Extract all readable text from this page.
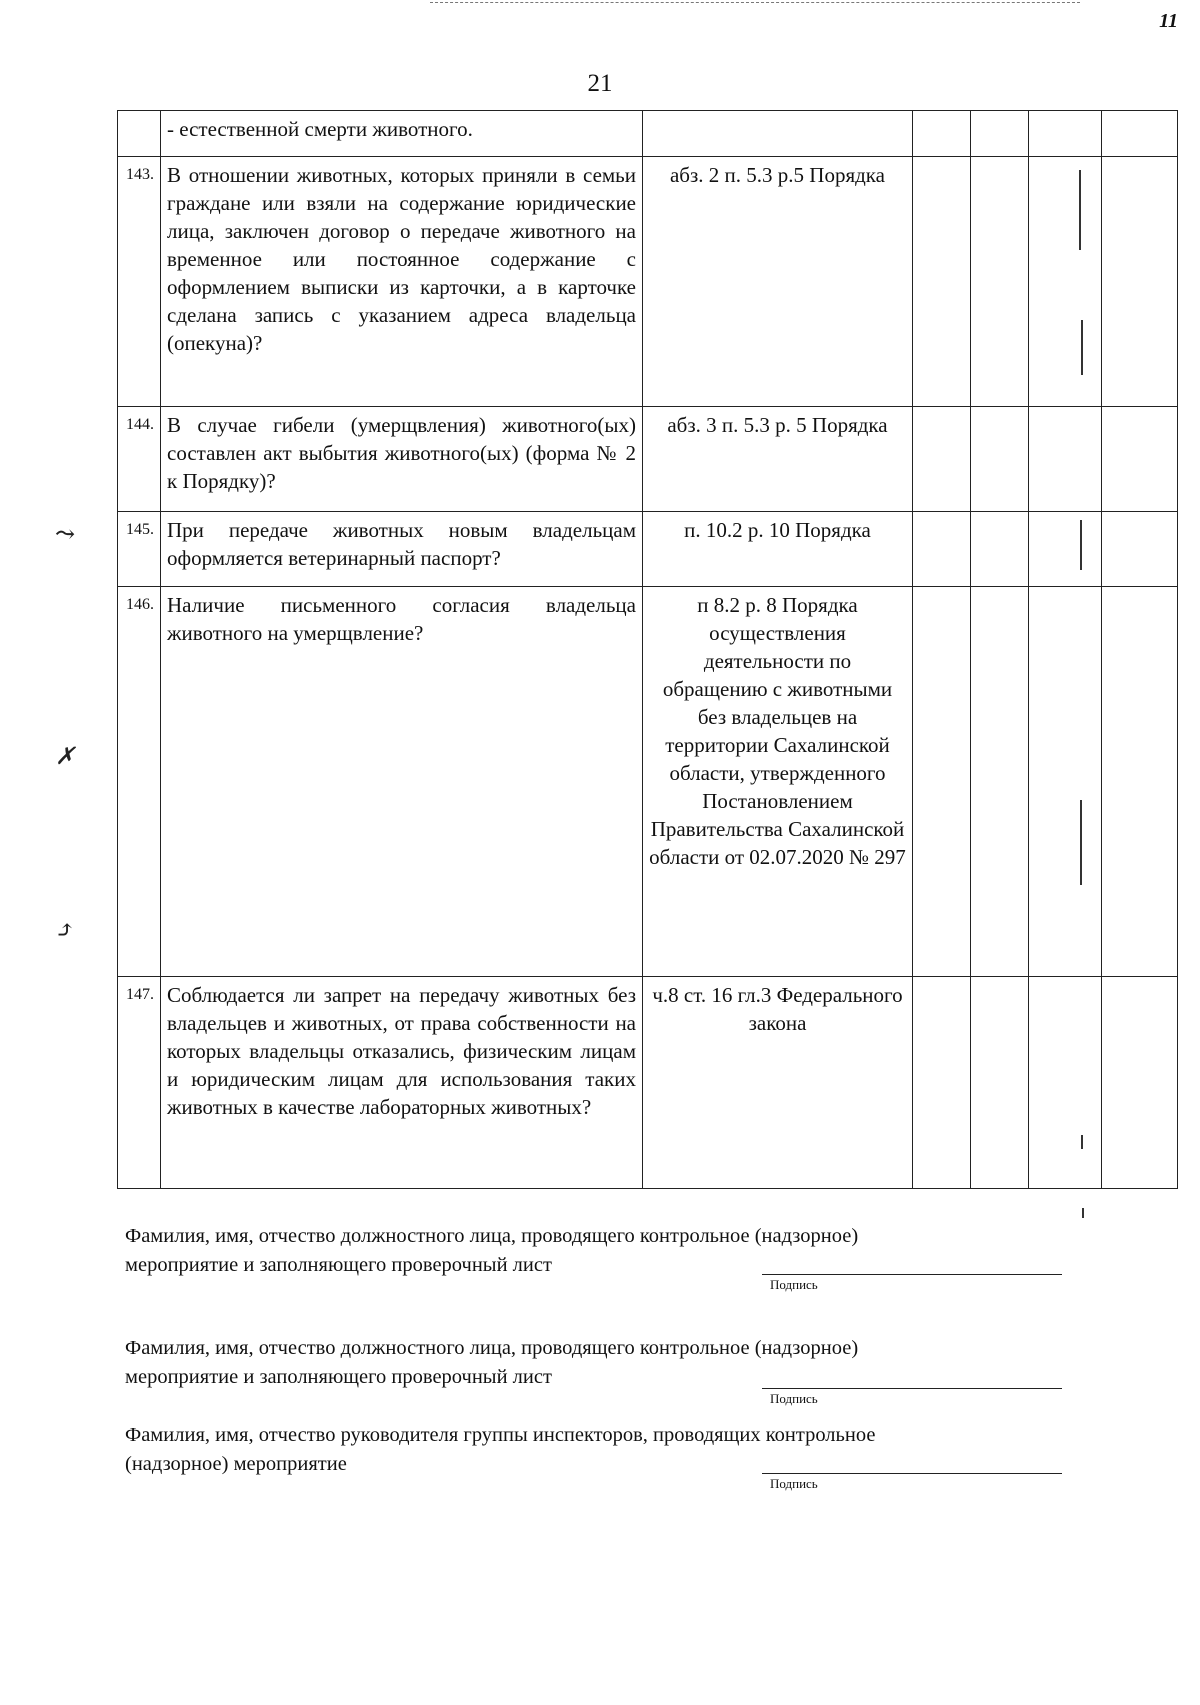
11
21
	- естественной смерти животного.					
143.	В отношении животных, которых приняли в семьи граждане или взяли на содержание юридические лица, заключен договор о передаче животного на временное или постоянное содержание с оформлением выписки из карточки, а в карточке сделана запись с указанием адреса владельца (опекуна)?	абз. 2 п. 5.3 р.5 Порядка				
144.	В случае гибели (умерщвления) животного(ых) составлен акт выбытия животного(ых) (форма № 2 к Порядку)?	абз. 3 п. 5.3 р. 5 Порядка				
145.	При передаче животных новым владельцам оформляется ветеринарный паспорт?	п. 10.2 р. 10 Порядка				
146.	Наличие письменного согласия владельца животного на умерщвление?	п 8.2 р. 8 Порядка осуществления деятельности по обращению с животными без владельцев на территории Сахалинской области, утвержденного Постановлением Правительства Сахалинской области от 02.07.2020 № 297				
147.	Соблюдается ли запрет на передачу животных без владельцев и животных, от права собственности на которых владельцы отказались, физическим лицам и юридическим лицам для использования таких животных в качестве лабораторных животных?	ч.8 ст. 16 гл.3 Федерального закона				
Фамилия, имя, отчество должностного лица, проводящего контрольное (надзорное) мероприятие и заполняющего проверочный лист
Подпись
Фамилия, имя, отчество должностного лица, проводящего контрольное (надзорное) мероприятие и заполняющего проверочный лист
Подпись
Фамилия, имя, отчество руководителя группы инспекторов, проводящих контрольное (надзорное) мероприятие
Подпись
⤳
✗
⤴
